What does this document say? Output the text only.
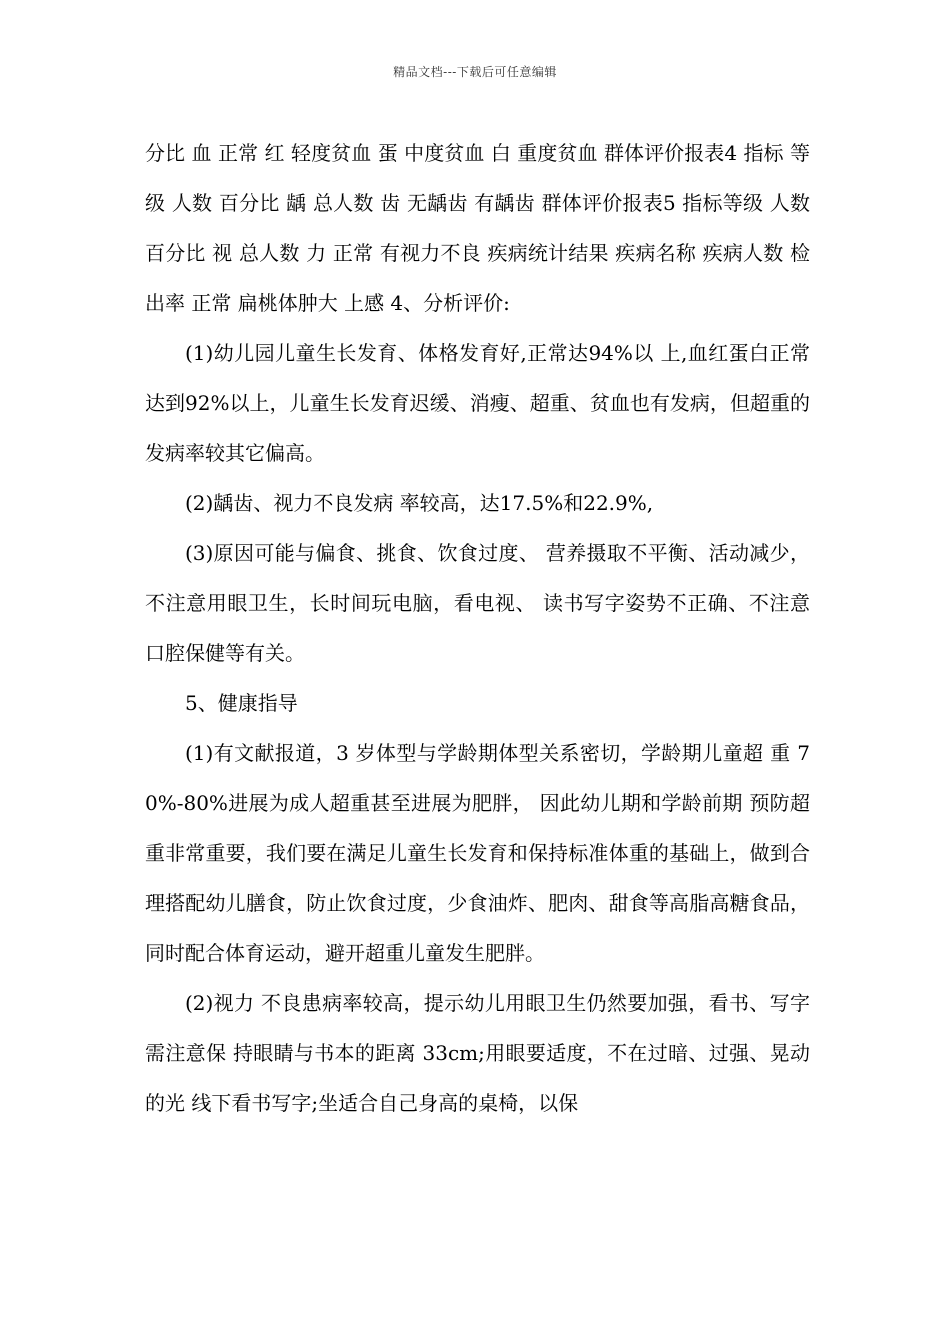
精品文档---下载后可任意编辑

分比 血 正常 红 轻度贫血 蛋 中度贫血 白 重度贫血 群体评价报表4 指标 等级 人数 百分比 龋 总人数 齿 无龋齿 有龋齿 群体评价报表5 指标等级 人数 百分比 视 总人数 力 正常 有视力不良 疾病统计结果 疾病名称 疾病人数 检出率 正常 扁桃体肿大 上感 4、分析评价:

(1)幼儿园儿童生长发育、体格发育好,正常达94%以 上,血红蛋白正常达到92%以上，儿童生长发育迟缓、消瘦、超重、贫血也有发病，但超重的发病率较其它偏高。

(2)龋齿、视力不良发病 率较高，达17.5%和22.9%,

(3)原因可能与偏食、挑食、饮食过度、 营养摄取不平衡、活动减少，不注意用眼卫生，长时间玩电脑，看电视、 读书写字姿势不正确、不注意口腔保健等有关。

5、健康指导

(1)有文献报道，3 岁体型与学龄期体型关系密切，学龄期儿童超 重 70%-80%进展为成人超重甚至进展为肥胖， 因此幼儿期和学龄前期 预防超重非常重要，我们要在满足儿童生长发育和保持标准体重的基础上，做到合理搭配幼儿膳食，防止饮食过度，少食油炸、肥肉、甜食等高脂高糖食品，同时配合体育运动，避开超重儿童发生肥胖。

(2)视力 不良患病率较高，提示幼儿用眼卫生仍然要加强，看书、写字需注意保 持眼睛与书本的距离 33cm;用眼要适度，不在过暗、过强、晃动的光 线下看书写字;坐适合自己身高的桌椅，以保
